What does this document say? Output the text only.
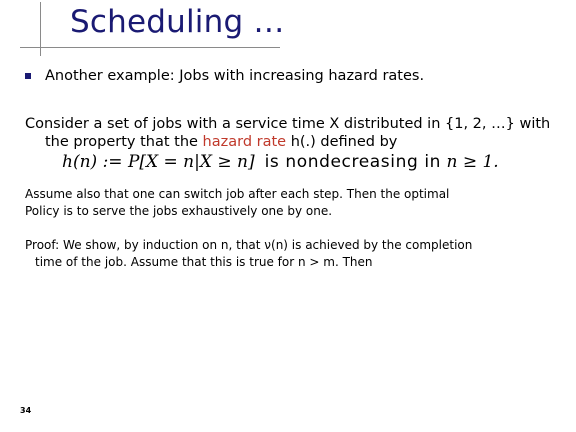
Scheduling …
Another example: Jobs with increasing hazard rates.
Consider a set of jobs with a service time X distributed in {1, 2, …} with
the property that the hazard rate h(.) defined by
h(n) := P[X = n|X ≥ n] is nondecreasing in n ≥ 1.
Assume also that one can switch job after each step. Then the optimal
Policy is to serve the jobs exhaustively one by one.
Proof: We show, by induction on n, that ν(n) is achieved by the completion
time of the job. Assume that this is true for n > m. Then
34
